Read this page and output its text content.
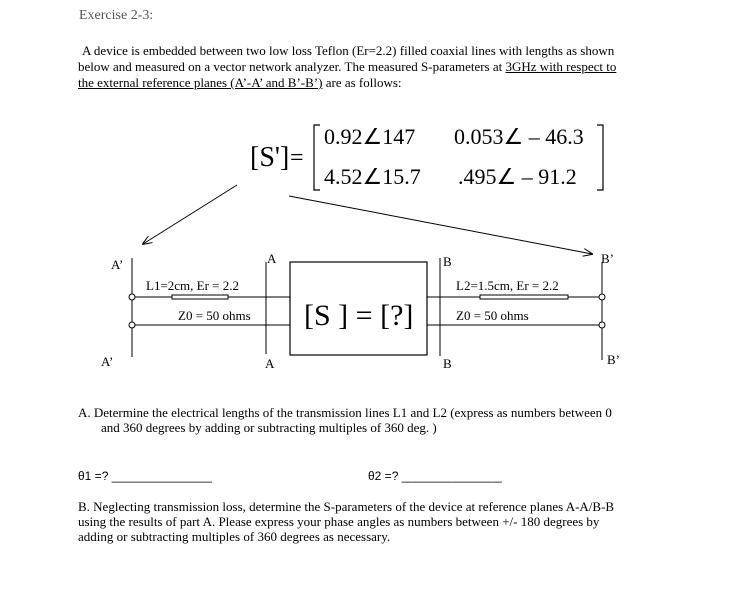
Exercise 2-3:
A device is embedded between two low loss Teflon (Er=2.2) filled coaxial lines with lengths as shown
below and measured on a vector network analyzer. The measured S-parameters at 3GHz with respect to
the external reference planes (A’-A’ and B’-B’) are as follows:
[S'] =
0.92∠147 0.053∠ – 46.3
4.52∠15.7 .495∠ – 91.2
[S ] = [?]
A’
A’
A
A
B
B
B’
B’
L1=2cm, Er = 2.2	L2=1.5cm, Er = 2.2
Z0 = 50 ohms	Z0 = 50 ohms
A. Determine the electrical lengths of the transmission lines L1 and L2 (express as numbers between 0
and 360 degrees by adding or subtracting multiples of 360 deg. )
θ1 =? _______________	θ2 =? _______________
B. Neglecting transmission loss, determine the S-parameters of the device at reference planes A-A/B-B
using the results of part A. Please express your phase angles as numbers between +/- 180 degrees by
adding or subtracting multiples of 360 degrees as necessary.
